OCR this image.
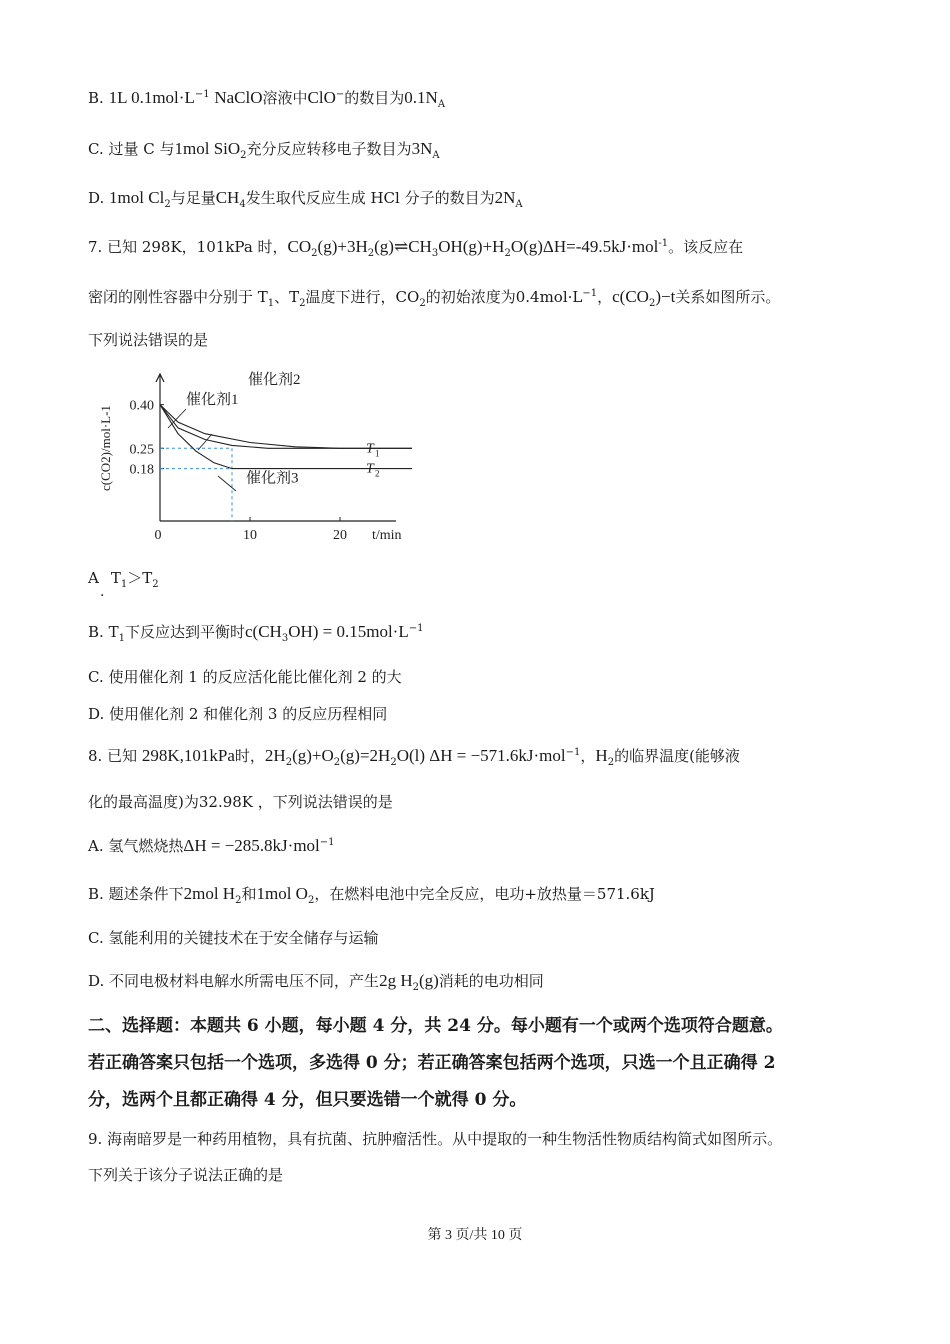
B. 1L $0.1mol\cdot L^{-1}$ NaClO溶液中ClO−的数目为$0.1N_A$
C. 过量 C 与1mol SiO$_2$充分反应转移电子数目为$3N_A$
D. 1mol $Cl_2$与足量$CH_4$发生取代反应生成 HCl 分子的数目为$2N_A$
7. 已知 298K，101kPa 时，$CO_2(g)+3H_2(g)\rightleftharpoons CH_3OH(g)+H_2O(g)\Delta H=-49.5kJ\cdot mol^{-1}$。该反应在
密闭的刚性容器中分别于 $T_1$、$T_2$温度下进行，$CO_2$的初始浓度为$0.4mol\cdot L^{-1}$，$c(CO_2)-t$关系如图所示。
下列说法错误的是
0	10	20
0.40
0.25
0.18
催化剂1
催化剂2
催化剂3
T 1
T 2
t/min
c(CO2)/mol·L-1
A $T_1>T_2$
·
B. $T_1$下反应达到平衡时$c(CH_3OH) = 0.15mol\cdot L^{-1}$
C. 使用催化剂 1 的反应活化能比催化剂 2 的大
D. 使用催化剂 2 和催化剂 3 的反应历程相同
8. 已知 298K,101kPa时，$2H_2(g)+O_2(g)=2H_2O(l) \Delta H = -571.6kJ\cdot mol^{-1}$，$H_2$的临界温度(能够液
化的最高温度)为32.98K ，下列说法错误的是
A. 氢气燃烧热ΔH = −285.8kJ·mol$^{-1}$
B. 题述条件下2mol $H_2$和1mol $O_2$，在燃料电池中完全反应，电功+放热量＝571.6kJ
C. 氢能利用的关键技术在于安全储存与运输
D. 不同电极材料电解水所需电压不同，产生2g $H_2(g)$消耗的电功相同
二、选择题：本题共 6 小题，每小题 4 分，共 24 分。每小题有一个或两个选项符合题意。
若正确答案只包括一个选项，多选得 0 分；若正确答案包括两个选项，只选一个且正确得 2
分，选两个且都正确得 4 分，但只要选错一个就得 0 分。
9. 海南暗罗是一种药用植物，具有抗菌、抗肿瘤活性。从中提取的一种生物活性物质结构简式如图所示。
下列关于该分子说法正确的是
第 3 页/共 10 页
